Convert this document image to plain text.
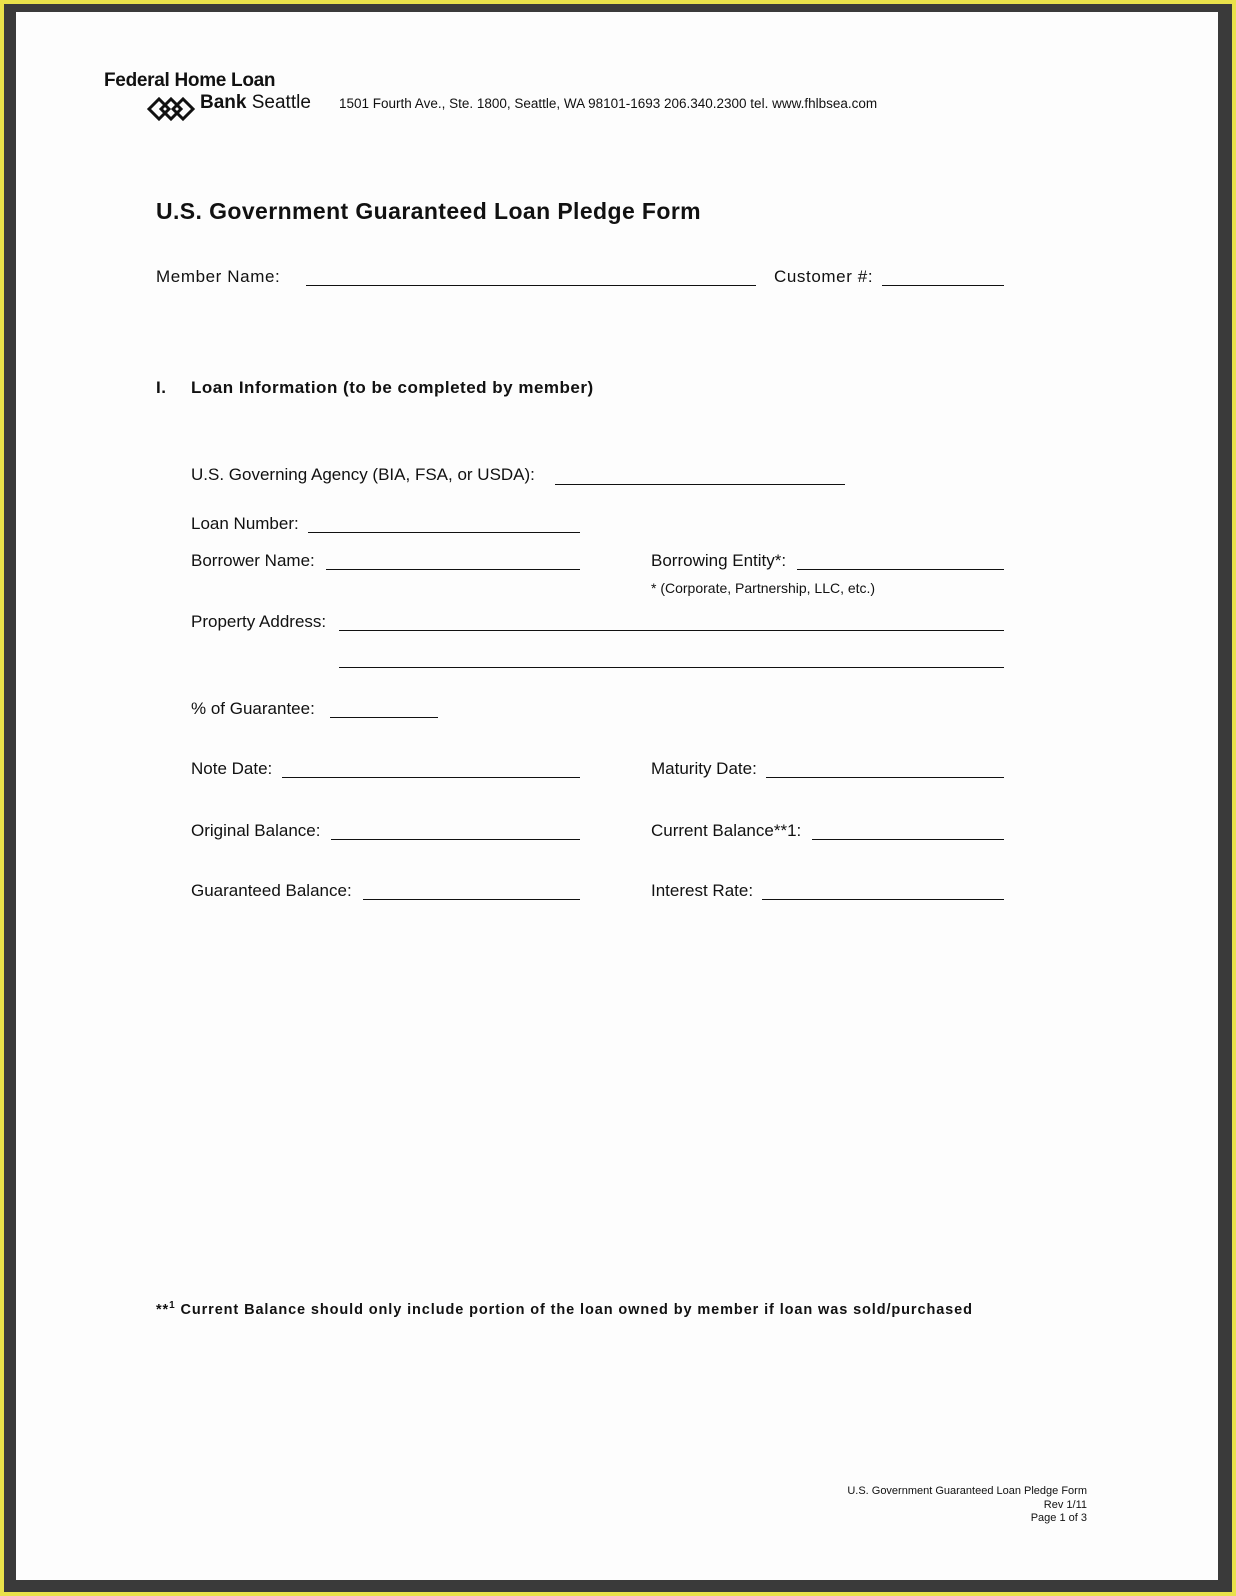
Federal Home Loan
Bank Seattle 1501 Fourth Ave., Ste. 1800, Seattle, WA 98101-1693 206.340.2300 tel. www.fhlbsea.com
U.S. Government Guaranteed Loan Pledge Form
Member Name:	Customer #:
I. Loan Information (to be completed by member)
U.S. Governing Agency (BIA, FSA, or USDA):
Loan Number:
Borrower Name:	Borrowing Entity*:
* (Corporate, Partnership, LLC, etc.)
Property Address:
% of Guarantee:
Note Date:	Maturity Date:
Original Balance:	Current Balance**1:
Guaranteed Balance:	Interest Rate:
**$^1$ Current Balance should only include portion of the loan owned by member if loan was sold/purchased
U.S. Government Guaranteed Loan Pledge Form
Rev 1/11
Page 1 of 3
